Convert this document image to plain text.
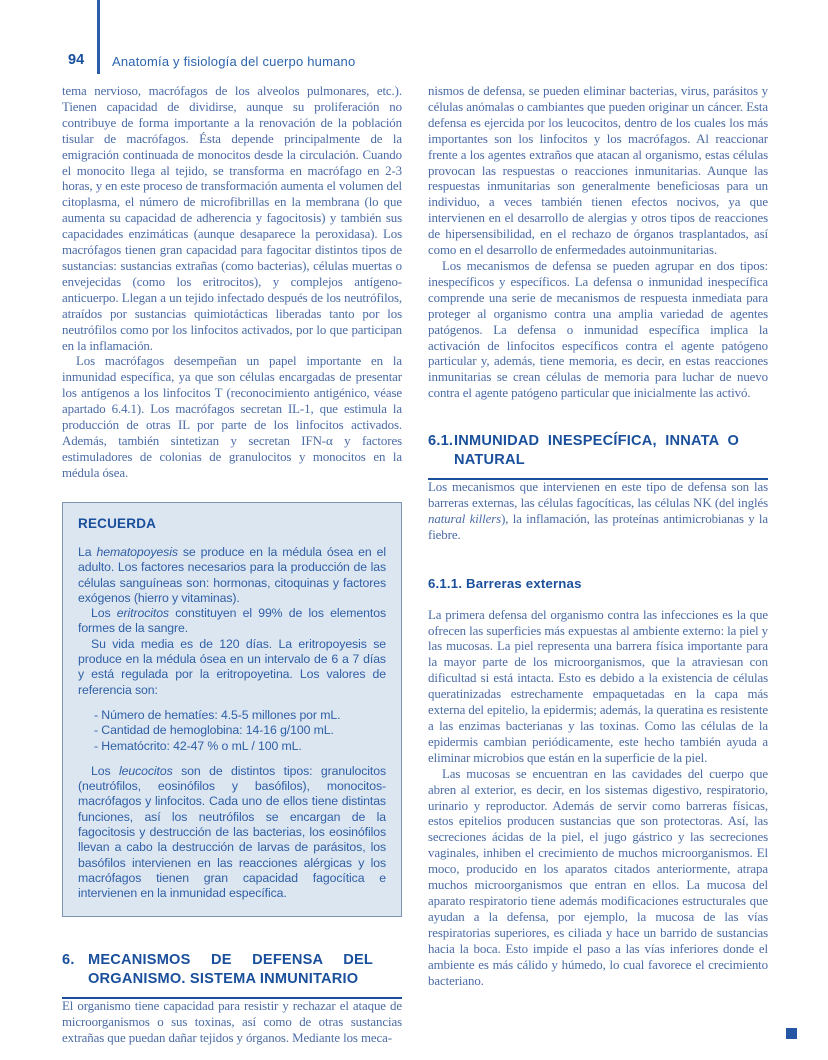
94 Anatomía y fisiología del cuerpo humano

tema nervioso, macrófagos de los alveolos pulmonares, etc.). Tienen capacidad de dividirse, aunque su proliferación no contribuye de forma importante a la renovación de la población tisular de macrófagos. Ésta depende principalmente de la emigración continuada de monocitos desde la circulación. Cuando el monocito llega al tejido, se transforma en macrófago en 2-3 horas, y en este proceso de transformación aumenta el volumen del citoplasma, el número de microfibrillas en la membrana (lo que aumenta su capacidad de adherencia y fagocitosis) y también sus capacidades enzimáticas (aunque desaparece la peroxidasa). Los macrófagos tienen gran capacidad para fagocitar distintos tipos de sustancias: sustancias extrañas (como bacterias), células muertas o envejecidas (como los eritrocitos), y complejos antígeno-anticuerpo. Llegan a un tejido infectado después de los neutrófilos, atraídos por sustancias quimiotácticas liberadas tanto por los neutrófilos como por los linfocitos activados, por lo que participan en la inflamación.

Los macrófagos desempeñan un papel importante en la inmunidad específica, ya que son células encargadas de presentar los antígenos a los linfocitos T (reconocimiento antigénico, véase apartado 6.4.1). Los macrófagos secretan IL-1, que estimula la producción de otras IL por parte de los linfocitos activados. Además, también sintetizan y secretan IFN-α y factores estimuladores de colonias de granulocitos y monocitos en la médula ósea.

RECUERDA

La hematopoyesis se produce en la médula ósea en el adulto. Los factores necesarios para la producción de las células sanguíneas son: hormonas, citoquinas y factores exógenos (hierro y vitaminas).

Los eritrocitos constituyen el 99% de los elementos formes de la sangre.

Su vida media es de 120 días. La eritropoyesis se produce en la médula ósea en un intervalo de 6 a 7 días y está regulada por la eritropoyetina. Los valores de referencia son:

- Número de hematíes: 4.5-5 millones por mL.
- Cantidad de hemoglobina: 14-16 g/100 mL.
- Hematócrito: 42-47 % o mL / 100 mL.

Los leucocitos son de distintos tipos: granulocitos (neutrófilos, eosinófilos y basófilos), monocitos-macrófagos y linfocitos. Cada uno de ellos tiene distintas funciones, así los neutrófilos se encargan de la fagocitosis y destrucción de las bacterias, los eosinófilos llevan a cabo la destrucción de larvas de parásitos, los basófilos intervienen en las reacciones alérgicas y los macrófagos tienen gran capacidad fagocítica e intervienen en la inmunidad específica.

6. MECANISMOS DE DEFENSA DEL ORGANISMO. SISTEMA INMUNITARIO

El organismo tiene capacidad para resistir y rechazar el ataque de microorganismos o sus toxinas, así como de otras sustancias extrañas que puedan dañar tejidos y órganos. Mediante los meca-

nismos de defensa, se pueden eliminar bacterias, virus, parásitos y células anómalas o cambiantes que pueden originar un cáncer. Esta defensa es ejercida por los leucocitos, dentro de los cuales los más importantes son los linfocitos y los macrófagos. Al reaccionar frente a los agentes extraños que atacan al organismo, estas células provocan las respuestas o reacciones inmunitarias. Aunque las respuestas inmunitarias son generalmente beneficiosas para un individuo, a veces también tienen efectos nocivos, ya que intervienen en el desarrollo de alergias y otros tipos de reacciones de hipersensibilidad, en el rechazo de órganos trasplantados, así como en el desarrollo de enfermedades autoinmunitarias.

Los mecanismos de defensa se pueden agrupar en dos tipos: inespecíficos y específicos. La defensa o inmunidad inespecífica comprende una serie de mecanismos de respuesta inmediata para proteger al organismo contra una amplia variedad de agentes patógenos. La defensa o inmunidad específica implica la activación de linfocitos específicos contra el agente patógeno particular y, además, tiene memoria, es decir, en estas reacciones inmunitarias se crean células de memoria para luchar de nuevo contra el agente patógeno particular que inicialmente las activó.

6.1. INMUNIDAD INESPECÍFICA, INNATA O NATURAL

Los mecanismos que intervienen en este tipo de defensa son las barreras externas, las células fagocíticas, las células NK (del inglés natural killers), la inflamación, las proteínas antimicrobianas y la fiebre.

6.1.1. Barreras externas

La primera defensa del organismo contra las infecciones es la que ofrecen las superficies más expuestas al ambiente externo: la piel y las mucosas. La piel representa una barrera física importante para la mayor parte de los microorganismos, que la atraviesan con dificultad si está intacta. Esto es debido a la existencia de células queratinizadas estrechamente empaquetadas en la capa más externa del epitelio, la epidermis; además, la queratina es resistente a las enzimas bacterianas y las toxinas. Como las células de la epidermis cambian periódicamente, este hecho también ayuda a eliminar microbios que están en la superficie de la piel.

Las mucosas se encuentran en las cavidades del cuerpo que abren al exterior, es decir, en los sistemas digestivo, respiratorio, urinario y reproductor. Además de servir como barreras físicas, estos epitelios producen sustancias que son protectoras. Así, las secreciones ácidas de la piel, el jugo gástrico y las secreciones vaginales, inhiben el crecimiento de muchos microorganismos. El moco, producido en los aparatos citados anteriormente, atrapa muchos microorganismos que entran en ellos. La mucosa del aparato respiratorio tiene además modificaciones estructurales que ayudan a la defensa, por ejemplo, la mucosa de las vías respiratorias superiores, es ciliada y hace un barrido de sustancias hacia la boca. Esto impide el paso a las vías inferiores donde el ambiente es más cálido y húmedo, lo cual favorece el crecimiento bacteriano.
